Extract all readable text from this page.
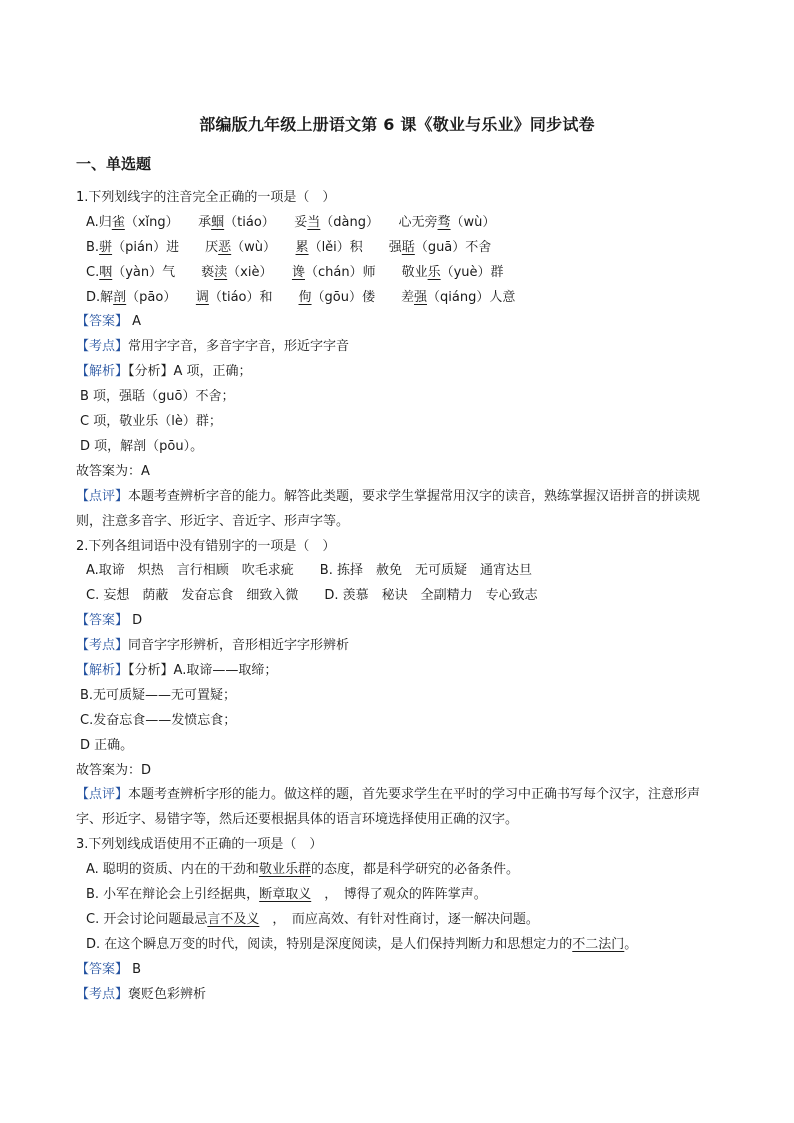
部编版九年级上册语文第 6 课《敬业与乐业》同步试卷
一、单选题
1.下列划线字的注音完全正确的一项是（　）
A.归雀（xǐng）　　承蝈（tiáo）　　妥当（dàng）　　心无旁骛（wù）
B.骈（pián）进　　厌恶（wù）　　累（lěi）积　　强聒（guā）不舍
C.咽（yàn）气　　亵渎（xiè）　　谗（chán）师　　敬业乐（yuè）群
D.解剖（pāo）　　调（tiáo）和　　佝（gōu）偻　　差强（qiáng）人意
【答案】 A
【考点】常用字字音，多音字字音，形近字字音
【解析】【分析】A 项，正确；
B 项，强聒（guō）不舍；
C 项，敬业乐（lè）群；
D 项，解剖（pōu）。
故答案为：A
【点评】本题考查辨析字音的能力。解答此类题，要求学生掌握常用汉字的读音，熟练掌握汉语拼音的拼读规则，注意多音字、形近字、音近字、形声字等。
2.下列各组词语中没有错别字的一项是（　）
A.取谛　炽热　言行相顾　吹毛求疵　　B. 拣择　赦免　无可质疑　通宵达旦
C. 妄想　荫蔽　发奋忘食　细致入微　　D. 羡慕　秘诀　全副精力　专心致志
【答案】 D
【考点】同音字字形辨析，音形相近字字形辨析
【解析】【分析】A.取谛——取缔；
B.无可质疑——无可置疑；
C.发奋忘食——发愤忘食；
D 正确。
故答案为：D
【点评】本题考查辨析字形的能力。做这样的题，首先要求学生在平时的学习中正确书写每个汉字，注意形声字、形近字、易错字等，然后还要根据具体的语言环境选择使用正确的汉字。
3.下列划线成语使用不正确的一项是（　）
A. 聪明的资质、内在的干劲和敬业乐群的态度，都是科学研究的必备条件。
B. 小军在辩论会上引经据典，断章取义　，　博得了观众的阵阵掌声。
C. 开会讨论问题最忌言不及义　，　而应高效、有针对性商讨，逐一解决问题。
D. 在这个瞬息万变的时代，阅读，特别是深度阅读，是人们保持判断力和思想定力的不二法门。
【答案】 B
【考点】褒贬色彩辨析
